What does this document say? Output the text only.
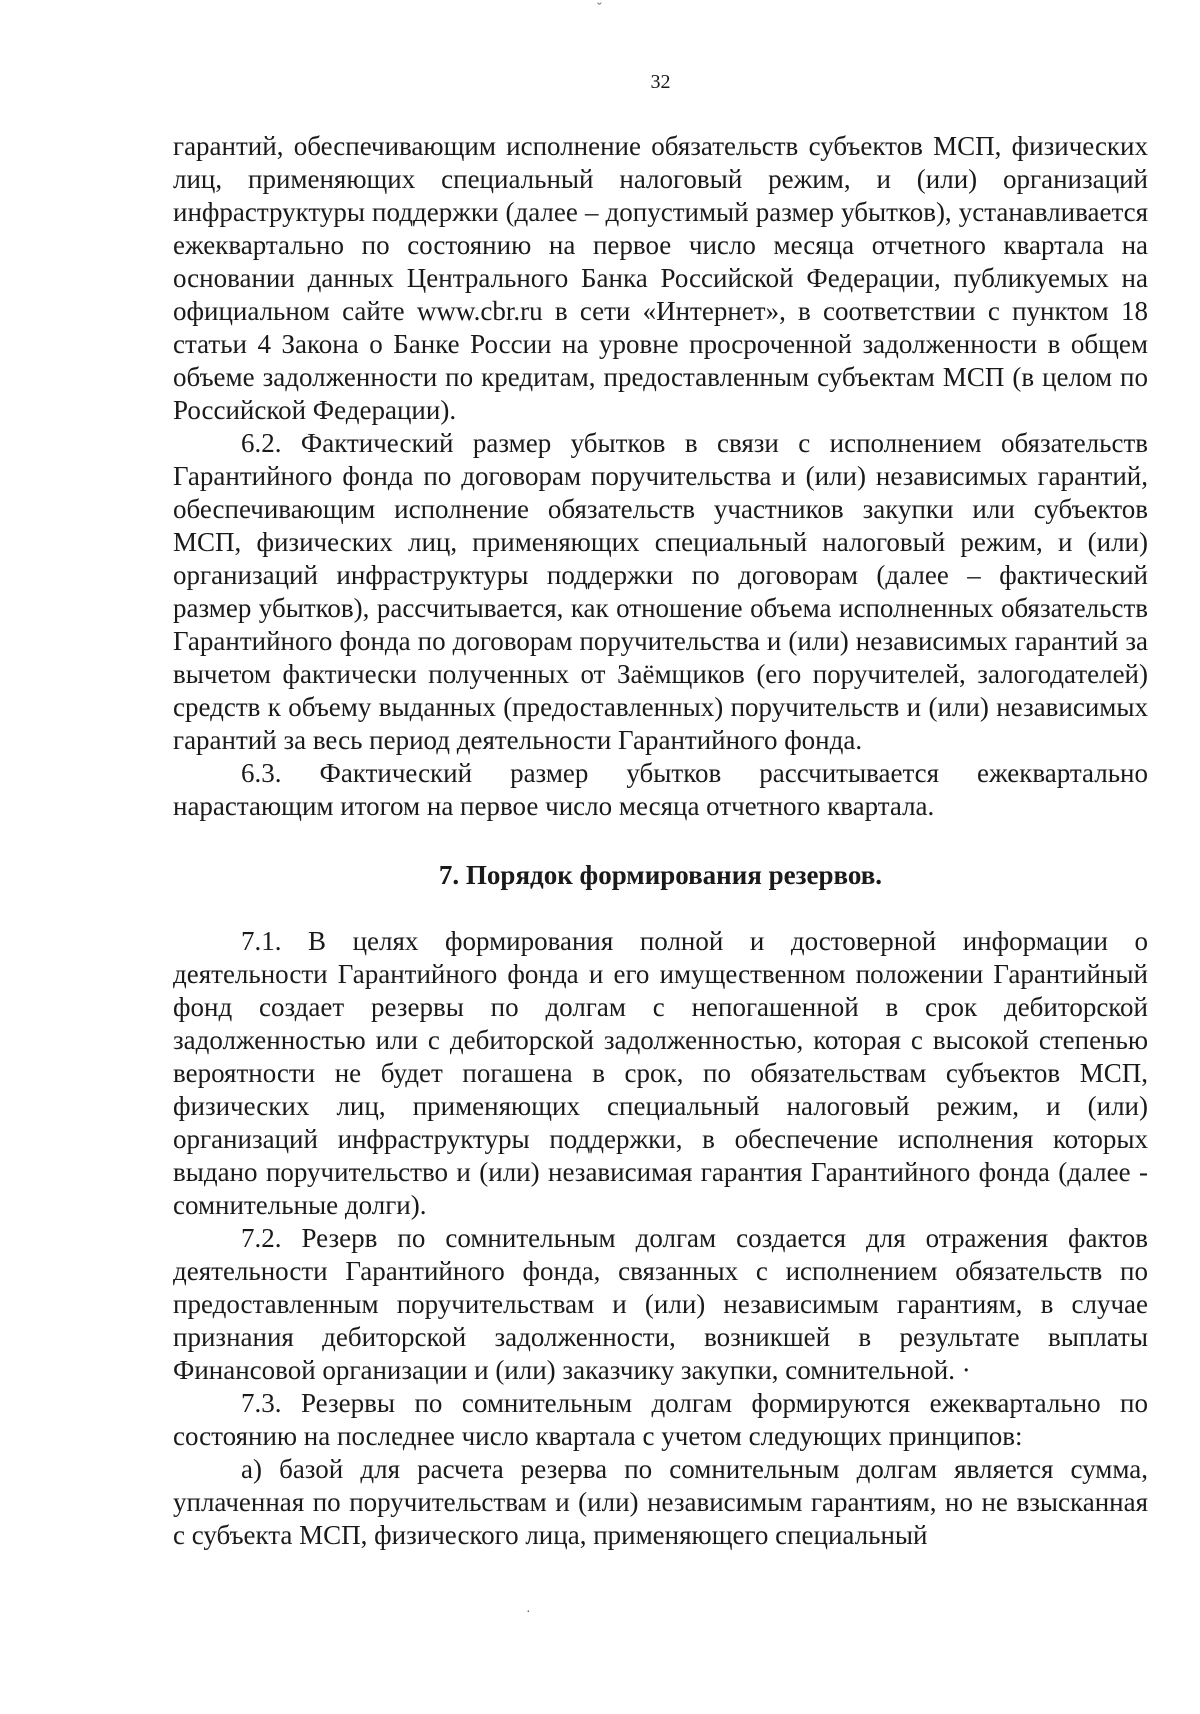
ˇ
32

гарантий, обеспечивающим исполнение обязательств субъектов МСП, физических лиц, применяющих специальный налоговый режим, и (или) организаций инфраструктуры поддержки (далее – допустимый размер убытков), устанавливается ежеквартально по состоянию на первое число месяца отчетного квартала на основании данных Центрального Банка Российской Федерации, публикуемых на официальном сайте www.cbr.ru в сети «Интернет», в соответствии с пунктом 18 статьи 4 Закона о Банке России на уровне просроченной задолженности в общем объеме задолженности по кредитам, предоставленным субъектам МСП (в целом по Российской Федерации).

6.2. Фактический размер убытков в связи с исполнением обязательств Гарантийного фонда по договорам поручительства и (или) независимых гарантий, обеспечивающим исполнение обязательств участников закупки или субъектов МСП, физических лиц, применяющих специальный налоговый режим, и (или) организаций инфраструктуры поддержки по договорам (далее – фактический размер убытков), рассчитывается, как отношение объема исполненных обязательств Гарантийного фонда по договорам поручительства и (или) независимых гарантий за вычетом фактически полученных от Заёмщиков (его поручителей, залогодателей) средств к объему выданных (предоставленных) поручительств и (или) независимых гарантий за весь период деятельности Гарантийного фонда.

6.3. Фактический размер убытков рассчитывается ежеквартально нарастающим итогом на первое число месяца отчетного квартала.

7. Порядок формирования резервов.

7.1. В целях формирования полной и достоверной информации о деятельности Гарантийного фонда и его имущественном положении Гарантийный фонд создает резервы по долгам с непогашенной в срок дебиторской задолженностью или с дебиторской задолженностью, которая с высокой степенью вероятности не будет погашена в срок, по обязательствам субъектов МСП, физических лиц, применяющих специальный налоговый режим, и (или) организаций инфраструктуры поддержки, в обеспечение исполнения которых выдано поручительство и (или) независимая гарантия Гарантийного фонда (далее - сомнительные долги).

7.2. Резерв по сомнительным долгам создается для отражения фактов деятельности Гарантийного фонда, связанных с исполнением обязательств по предоставленным поручительствам и (или) независимым гарантиям, в случае признания дебиторской задолженности, возникшей в результате выплаты Финансовой организации и (или) заказчику закупки, сомнительной. ·

7.3. Резервы по сомнительным долгам формируются ежеквартально по состоянию на последнее число квартала с учетом следующих принципов:

а) базой для расчета резерва по сомнительным долгам является сумма, уплаченная по поручительствам и (или) независимым гарантиям, но не взысканная с субъекта МСП, физического лица, применяющего специальный

·
